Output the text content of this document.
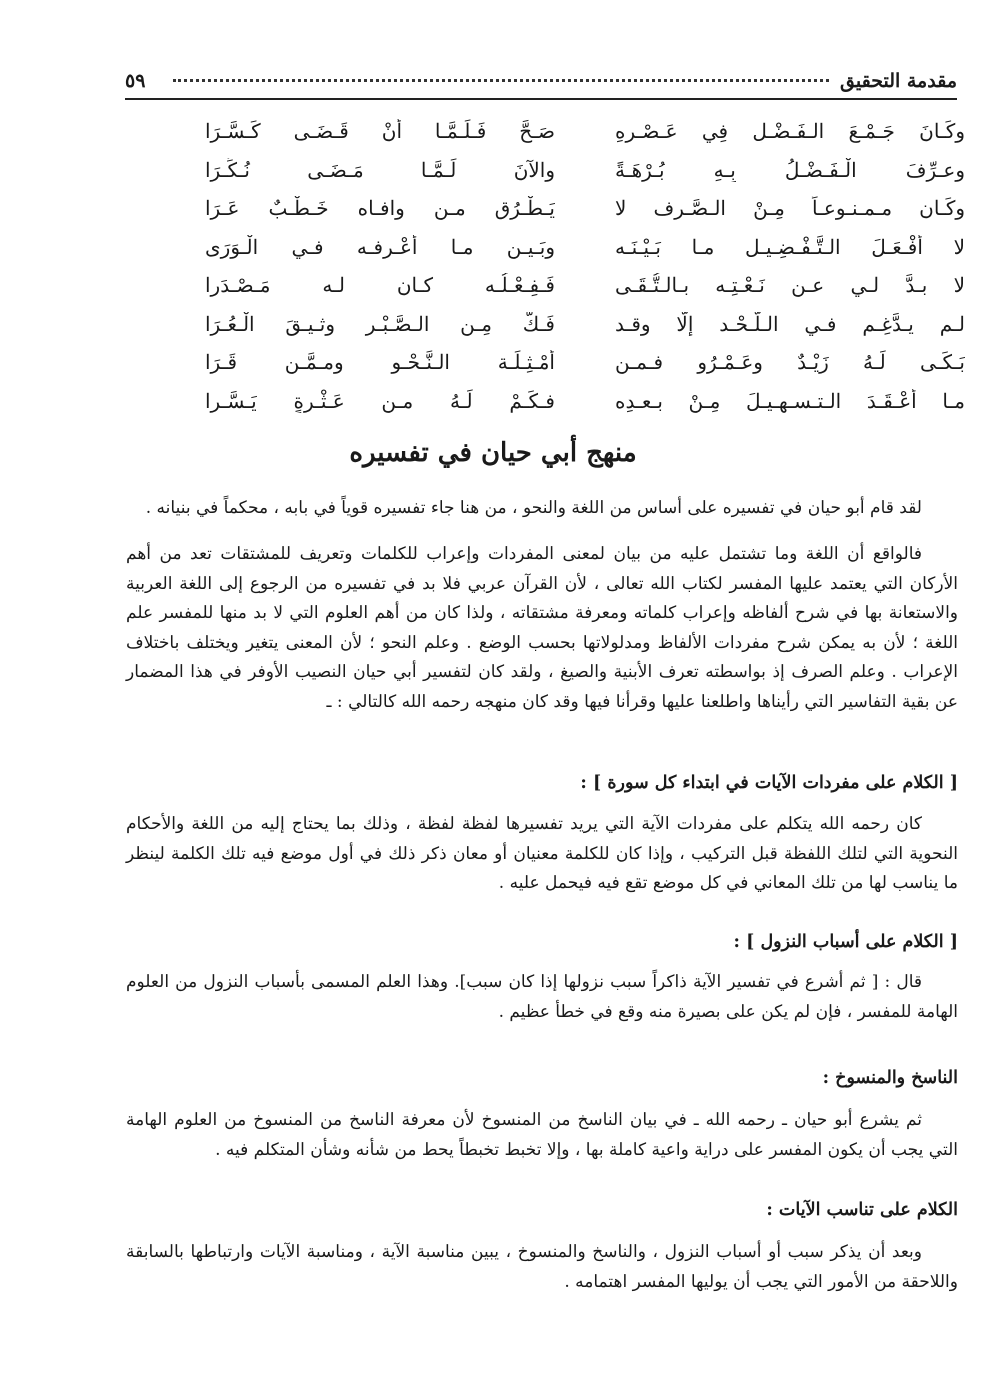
مقدمة التحقيق
٥٩
وكَـانَ جَـمْـعَ الـفَـضْـلِ فِي عَـصْـرِهِ
صَـحَّ فَـلَـمَّـا أَنْ قَـضَـى كَـسَّـرَا
وعـرِّفَ الْـفَـضْـلُ بِـهِ بُـرْهَـةً
والآنَ لَـمَّـا مَـضَـى نُـكِّـرَا
وكَـان مـمـنـوعـاً مِـنْ الـصَّـرف لا
يَـطْـرُق مـن وافـاه خَـطْـبٌ عَـرَا
لا أفْـعَـلَ الـتَّـفْـضِـيـل مـا بَـيْـنَـه
وبَـيـن مـا أعْـرِفـه فـي الْـوَرَى
لا بـدَّ لـي عـن نَـعْـتِـه بـالـتُّـقَـى
فَـفِـعْـلُـه كـان لـه مَـصْـدَرا
لـم يـدَّغِـم فـي الـلَّـحْـد إلَّا وقـد
فَـكَّ مِـن الـصَّـبْـرِ وثـيـقَ الْـعُـرَا
بَـكَـى لَـهُ زَيْـدٌ وعَـمْـرُو فـمـن
أَمْـثِـلَـة الـنَّـحْـو ومـمَّـن قَـرَا
مـا أعْـقَـدَ الـتـسـهـيـلَ مِـنْ بـعـدِه
فـكَـمْ لَـهُ مـن عَـثْـرةٍ يَـسَّـرا
منهج أبي حيان في تفسيره

لقد قام أبو حيان في تفسيره على أساس من اللغة والنحو ، من هنا جاء تفسيره قوياً في بابه ، محكماً في بنيانه .

فالواقع أن اللغة وما تشتمل عليه من بيان لمعنى المفردات وإعراب للكلمات وتعريف للمشتقات تعد من أهم الأركان التي يعتمد عليها المفسر لكتاب الله تعالى ، لأن القرآن عربي فلا بد في تفسيره من الرجوع إلى اللغة العربية والاستعانة بها في شرح ألفاظه وإعراب كلماته ومعرفة مشتقاته ، ولذا كان من أهم العلوم التي لا بد منها للمفسر علم اللغة ؛ لأن به يمكن شرح مفردات الألفاظ ومدلولاتها بحسب الوضع . وعلم النحو ؛ لأن المعنى يتغير ويختلف باختلاف الإعراب . وعلم الصرف إذ بواسطته تعرف الأبنية والصيغ ، ولقد كان لتفسير أبي حيان النصيب الأوفر في هذا المضمار عن بقية التفاسير التي رأيناها واطلعنا عليها وقرأنا فيها وقد كان منهجه رحمه الله كالتالي : ـ

[ الكلام على مفردات الآيات في ابتداء كل سورة ] :

كان رحمه الله يتكلم على مفردات الآية التي يريد تفسيرها لفظة لفظة ، وذلك بما يحتاج إليه من اللغة والأحكام النحوية التي لتلك اللفظة قبل التركيب ، وإذا كان للكلمة معنيان أو معان ذكر ذلك في أول موضع فيه تلك الكلمة لينظر ما يناسب لها من تلك المعاني في كل موضع تقع فيه فيحمل عليه .

[ الكلام على أسباب النزول ] :

قال : [ ثم أشرع في تفسير الآية ذاكراً سبب نزولها إذا كان سبب]. وهذا العلم المسمى بأسباب النزول من العلوم الهامة للمفسر ، فإن لم يكن على بصيرة منه وقع في خطأ عظيم .

الناسخ والمنسوخ :

ثم يشرع أبو حيان ـ رحمه الله ـ في بيان الناسخ من المنسوخ لأن معرفة الناسخ من المنسوخ من العلوم الهامة التي يجب أن يكون المفسر على دراية واعية كاملة بها ، وإلا تخبط تخبطاً يحط من شأنه وشأن المتكلم فيه .

الكلام على تناسب الآيات :

وبعد أن يذكر سبب أو أسباب النزول ، والناسخ والمنسوخ ، يبين مناسبة الآية ، ومناسبة الآيات وارتباطها بالسابقة واللاحقة من الأمور التي يجب أن يوليها المفسر اهتمامه .
